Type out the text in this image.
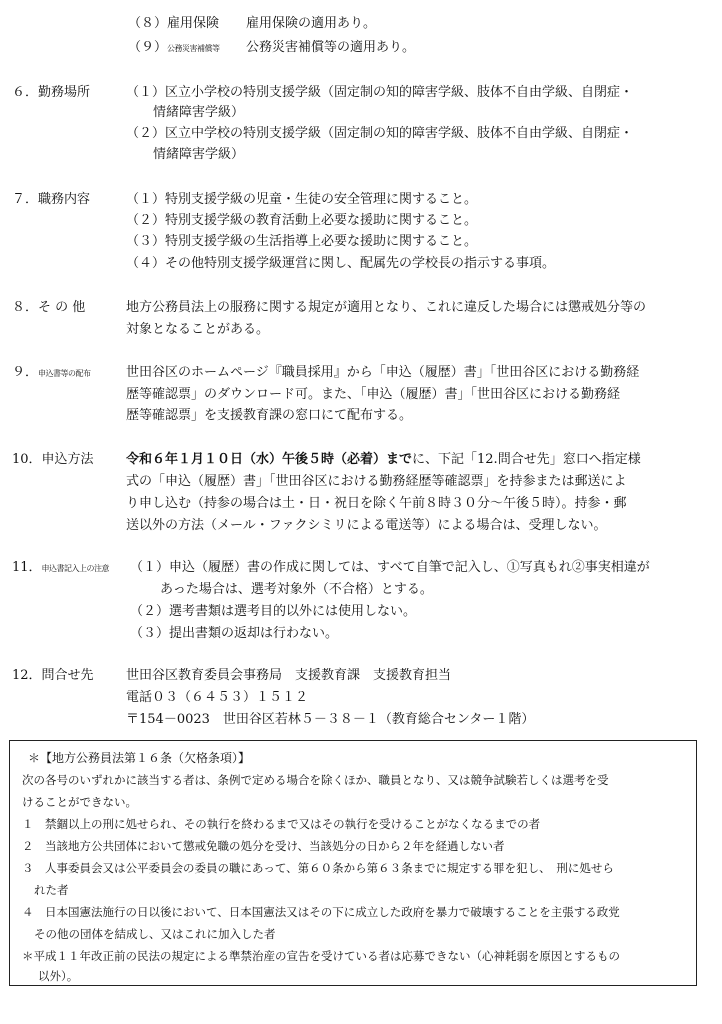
（８）雇用保険 雇用保険の適用あり。
（９）公務災害補償等 公務災害補償等の適用あり。
６．勤務場所	（１）区立小学校の特別支援学級（固定制の知的障害学級、肢体不自由学級、自閉症・
情緒障害学級）
（２）区立中学校の特別支援学級（固定制の知的障害学級、肢体不自由学級、自閉症・
情緒障害学級）
７．職務内容	（１）特別支援学級の児童・生徒の安全管理に関すること。
（２）特別支援学級の教育活動上必要な援助に関すること。
（３）特別支援学級の生活指導上必要な援助に関すること。
（４）その他特別支援学級運営に関し、配属先の学校長の指示する事項。
８．そ の 他	地方公務員法上の服務に関する規定が適用となり、これに違反した場合には懲戒処分等の
対象となることがある。
９．申込書等の配布	世田谷区のホームページ『職員採用』から「申込（履歴）書」「世田谷区における勤務経
歴等確認票」のダウンロード可。また、「申込（履歴）書」「世田谷区における勤務経
歴等確認票」を支援教育課の窓口にて配布する。
10．申込方法 令和６年１月１０日（水）午後５時（必着）までに、下記「12.問合せ先」窓口へ指定様
式の「申込（履歴）書」「世田谷区における勤務経歴等確認票」を持参または郵送によ
り申し込む（持参の場合は土・日・祝日を除く午前８時３０分～午後５時）。持参・郵
送以外の方法（メール・ファクシミリによる電送等）による場合は、受理しない。
11．申込書記入上の注意 （１）申込（履歴）書の作成に関しては、すべて自筆で記入し、①写真もれ②事実相違が
あった場合は、選考対象外（不合格）とする。
（２）選考書類は選考目的以外には使用しない。
（３）提出書類の返却は行わない。
12．問合せ先 世田谷区教育委員会事務局　支援教育課　支援教育担当
電話０３（６４５３）１５１２
〒154－0023　世田谷区若林５－３８－１（教育総合センター１階）
＊【地方公務員法第１６条（欠格条項）】
次の各号のいずれかに該当する者は、条例で定める場合を除くほか、職員となり、又は競争試験若しくは選考を受
けることができない。
１　禁錮以上の刑に処せられ、その執行を終わるまで又はその執行を受けることがなくなるまでの者
２　当該地方公共団体において懲戒免職の処分を受け、当該処分の日から２年を経過しない者
３　人事委員会又は公平委員会の委員の職にあって、第６０条から第６３条までに規定する罪を犯し、　刑に処せら
れた者
４　日本国憲法施行の日以後において、日本国憲法又はその下に成立した政府を暴力で破壊することを主張する政党
その他の団体を結成し、又はこれに加入した者
＊平成１１年改正前の民法の規定による準禁治産の宣告を受けている者は応募できない（心神耗弱を原因とするもの
以外）。
